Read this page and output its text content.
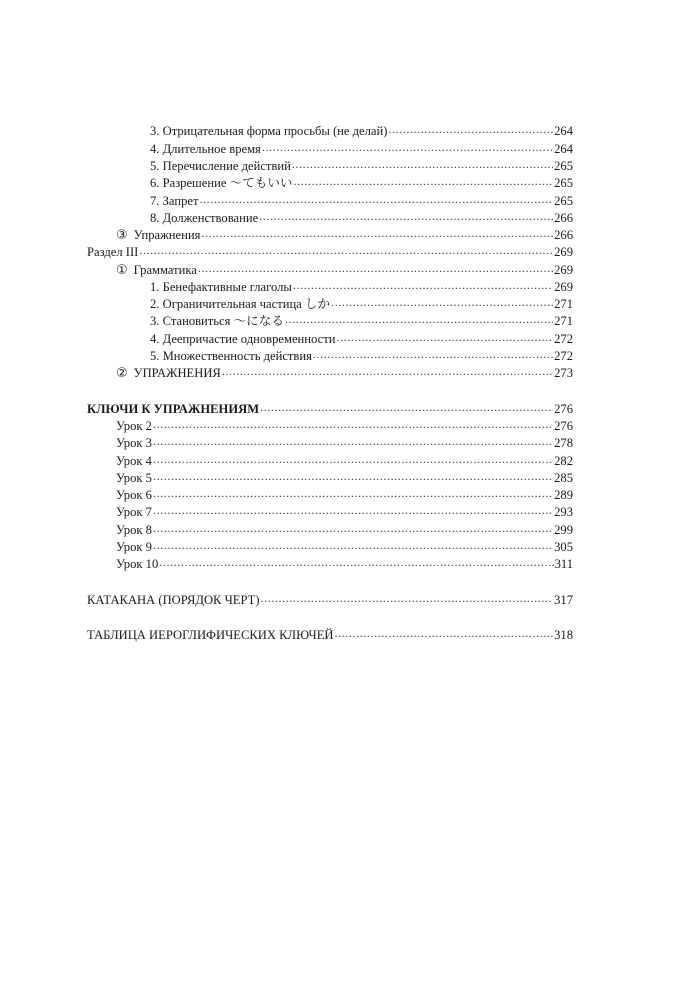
3. Отрицательная форма просьбы (не делай) .....	264
4. Длительное время .....	264
5. Перечисление действий .....	265
6. Разрешение 〜てもいい .....	265
7. Запрет .....	265
8. Долженствование .....	266
③ Упражнения .....	266
Раздел III .....	269
① Грамматика .....	269
1. Бенефактивные глаголы .....	269
2. Ограничительная частица しか .....	271
3. Становиться 〜になる .....	271
4. Деепричастие одновременности .....	272
5. Множественность действия .....	272
② УПРАЖНЕНИЯ .....	273
КЛЮЧИ К УПРАЖНЕНИЯМ .....	276
Урок 2 .....	276
Урок 3 .....	278
Урок 4 .....	282
Урок 5 .....	285
Урок 6 .....	289
Урок 7 .....	293
Урок 8 .....	299
Урок 9 .....	305
Урок 10 .....	311
КАТАКАНА (ПОРЯДОК ЧЕРТ) .....	317
ТАБЛИЦА ИЕРОГЛИФИЧЕСКИХ КЛЮЧЕЙ .....	318
